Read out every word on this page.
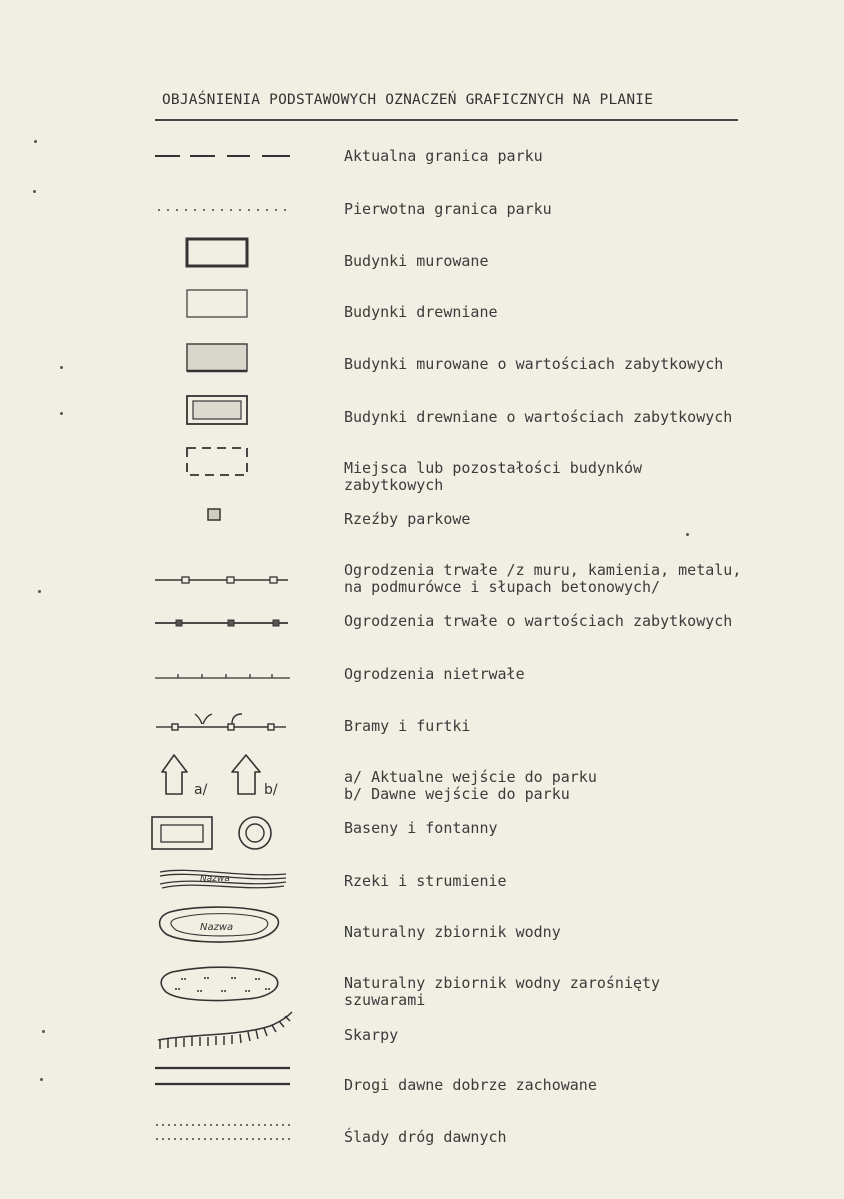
OBJAŚNIENIA PODSTAWOWYCH OZNACZEŃ GRAFICZNYCH NA PLANIE
Aktualna granica parku
Pierwotna granica parku
Budynki murowane
Budynki drewniane
Budynki murowane o wartościach zabytkowych
Budynki drewniane o wartościach zabytkowych
Miejsca lub pozostałości budynków
zabytkowych
Rzeźby parkowe
Ogrodzenia trwałe /z muru, kamienia, metalu,
na podmurówce i słupach betonowych/
Ogrodzenia trwałe o wartościach zabytkowych
Ogrodzenia nietrwałe
Bramy i furtki
a/	b/
a/ Aktualne wejście do parku
b/ Dawne wejście do parku
Baseny i fontanny
Nazwa	Rzeki i strumienie
Nazwa	Naturalny zbiornik wodny
Naturalny zbiornik wodny zarośnięty
szuwarami
Skarpy
Drogi dawne dobrze zachowane
Ślady dróg dawnych
